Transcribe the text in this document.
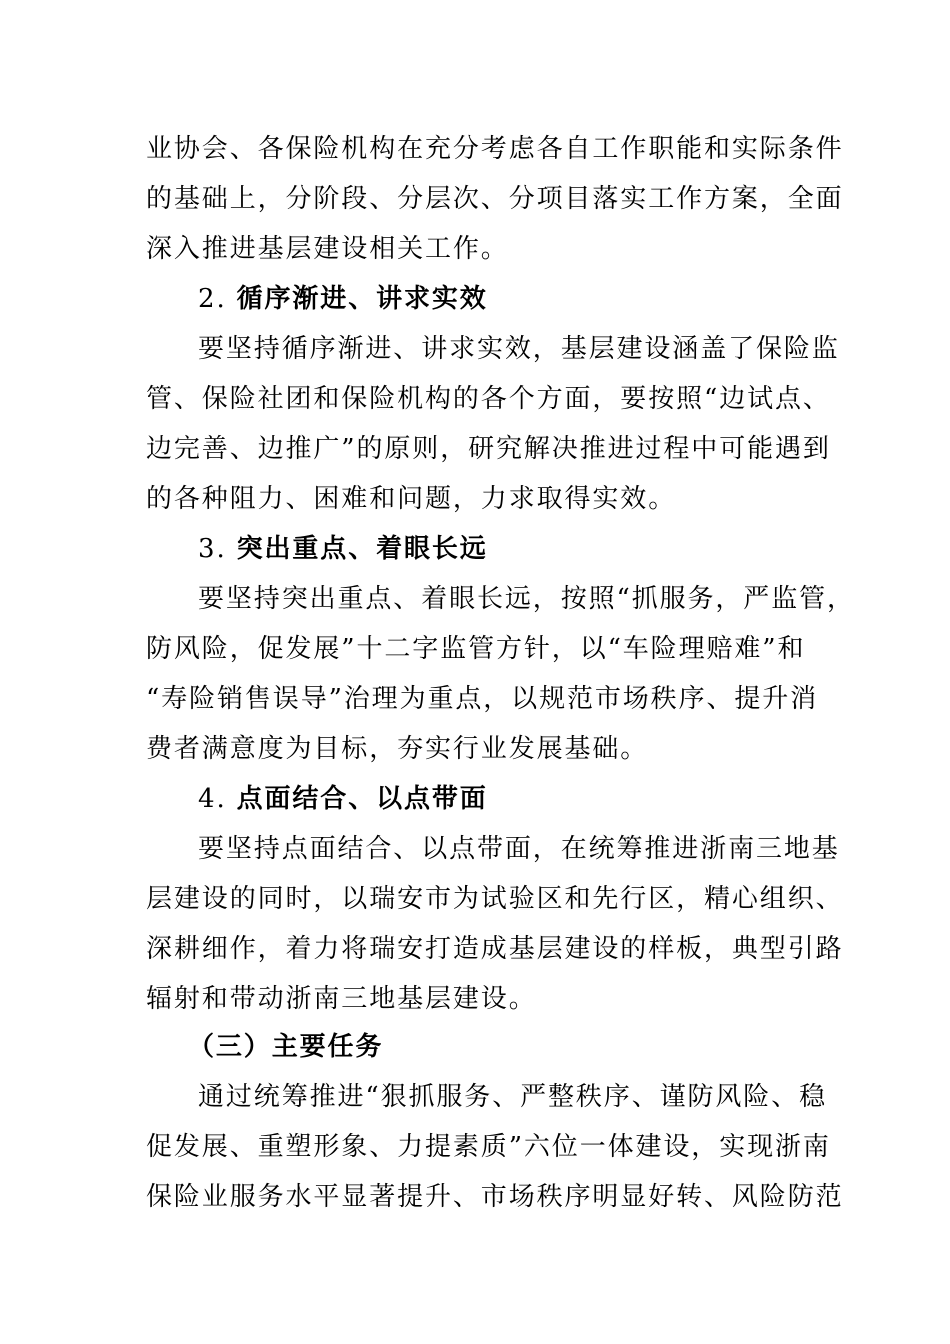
业协会、各保险机构在充分考虑各自工作职能和实际条件
的基础上，分阶段、分层次、分项目落实工作方案，全面
深入推进基层建设相关工作。
2. 循序渐进、讲求实效
要坚持循序渐进、讲求实效，基层建设涵盖了保险监
管、保险社团和保险机构的各个方面，要按照“边试点、
边完善、边推广”的原则，研究解决推进过程中可能遇到
的各种阻力、困难和问题，力求取得实效。
3. 突出重点、着眼长远
要坚持突出重点、着眼长远，按照“抓服务，严监管，
防风险，促发展”十二字监管方针，以“车险理赔难”和
“寿险销售误导”治理为重点，以规范市场秩序、提升消
费者满意度为目标，夯实行业发展基础。
4. 点面结合、以点带面
要坚持点面结合、以点带面，在统筹推进浙南三地基
层建设的同时，以瑞安市为试验区和先行区，精心组织、
深耕细作，着力将瑞安打造成基层建设的样板，典型引路
辐射和带动浙南三地基层建设。
（三）主要任务
通过统筹推进“狠抓服务、严整秩序、谨防风险、稳
促发展、重塑形象、力提素质”六位一体建设，实现浙南
保险业服务水平显著提升、市场秩序明显好转、风险防范
